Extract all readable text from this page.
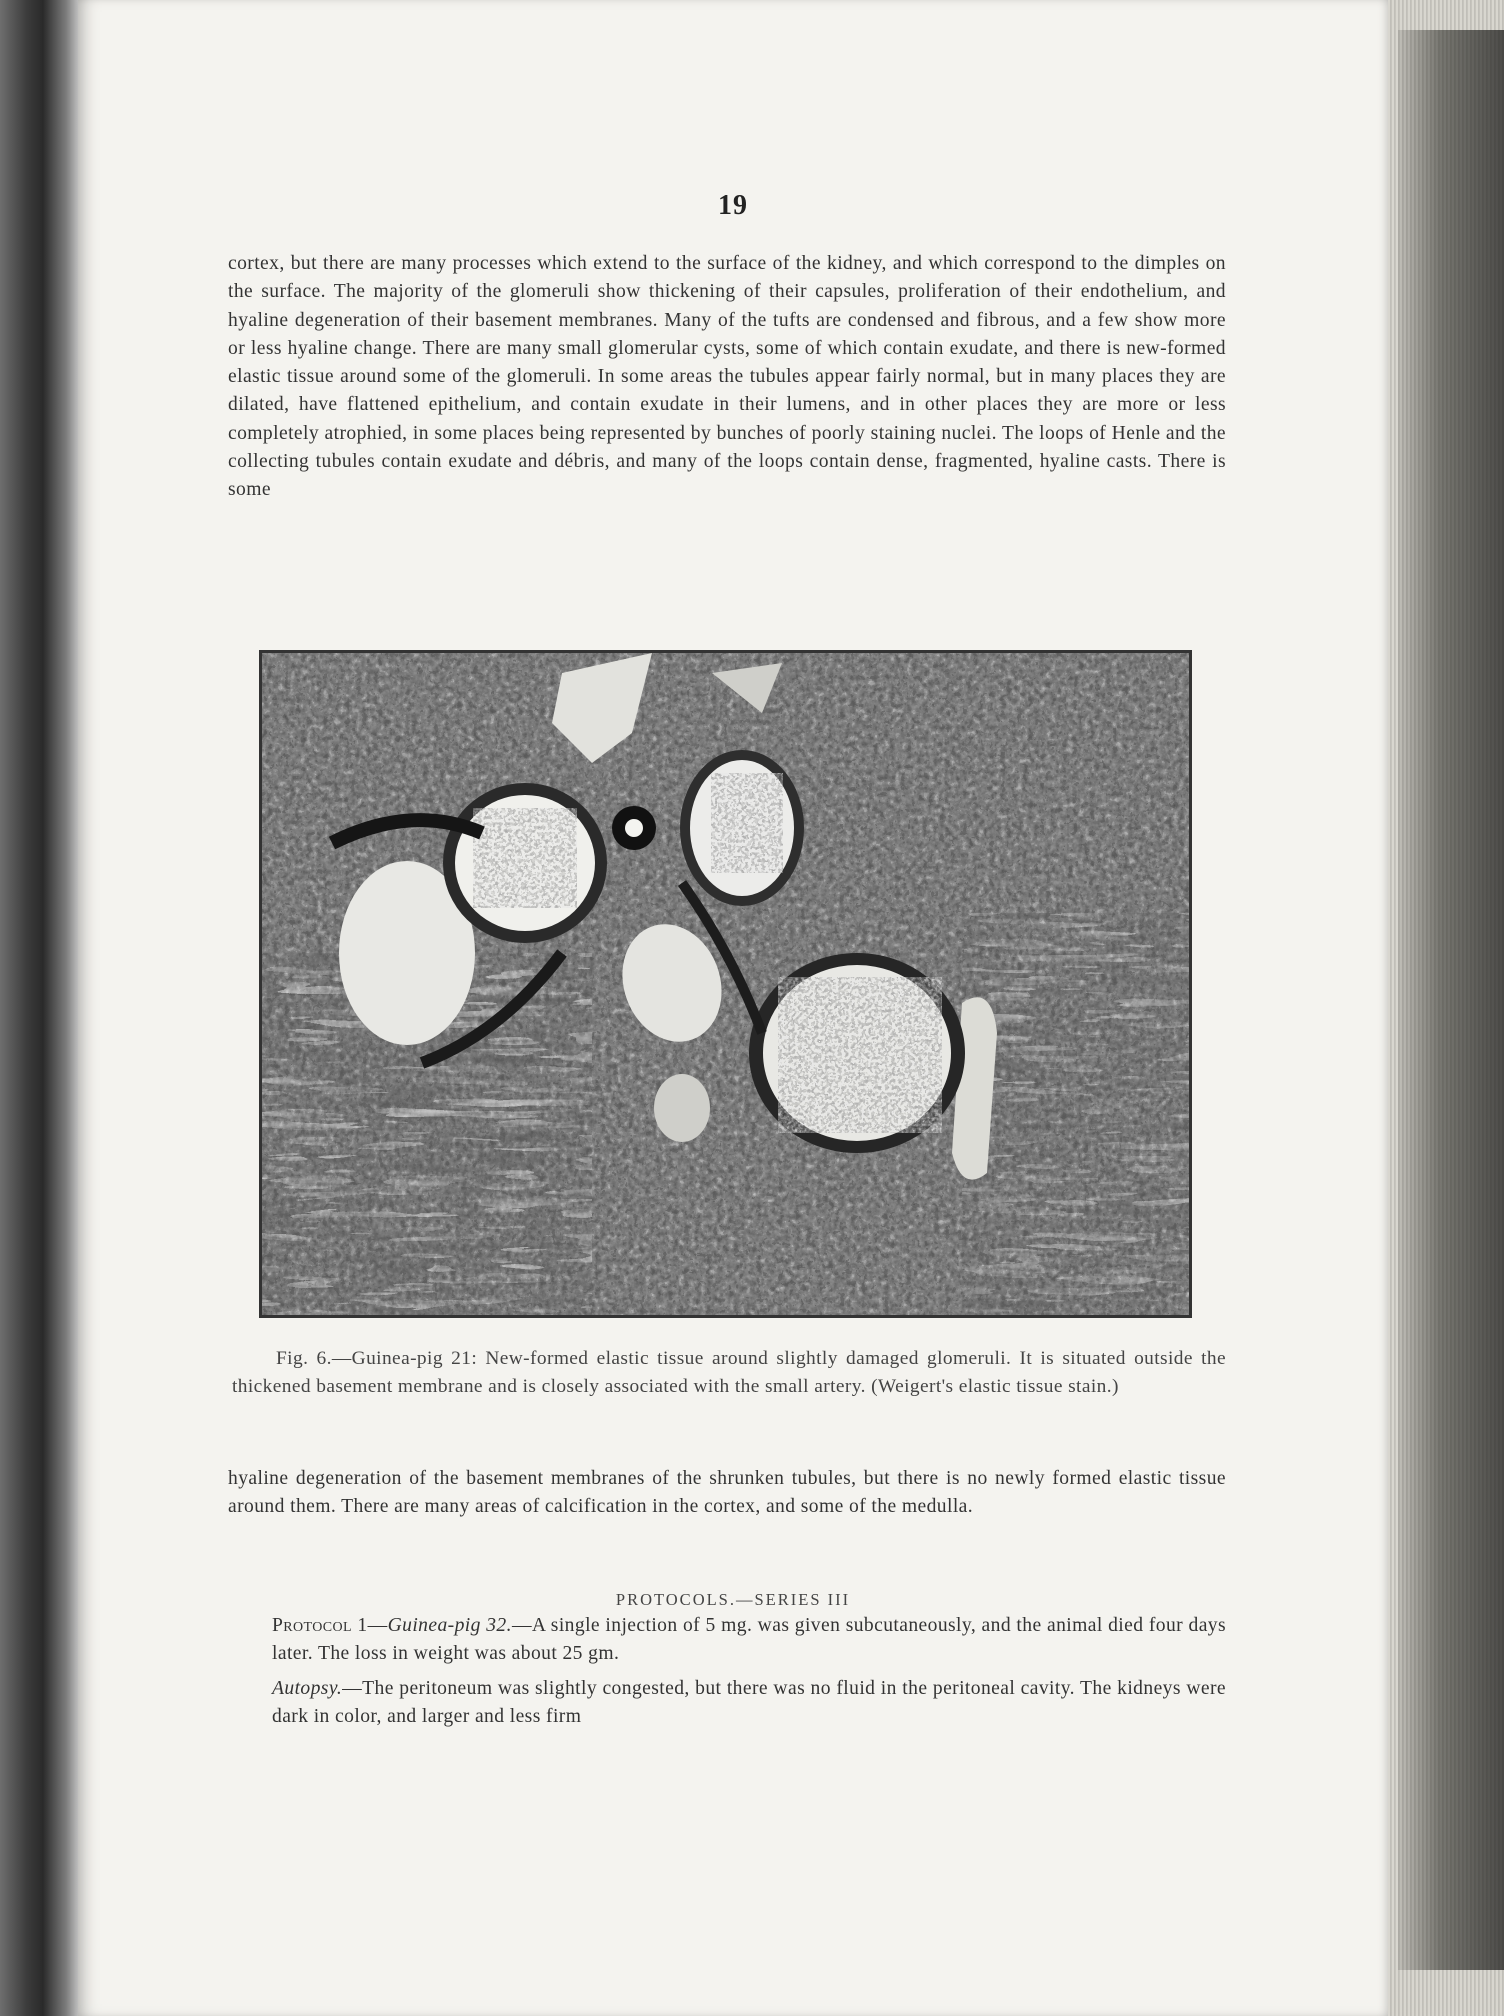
19

cortex, but there are many processes which extend to the surface of the kidney, and which correspond to the dimples on the surface. The majority of the glomeruli show thickening of their capsules, proliferation of their endothelium, and hyaline degeneration of their basement membranes. Many of the tufts are condensed and fibrous, and a few show more or less hyaline change. There are many small glomerular cysts, some of which contain exudate, and there is new-formed elastic tissue around some of the glomeruli. In some areas the tubules appear fairly normal, but in many places they are dilated, have flattened epithelium, and contain exudate in their lumens, and in other places they are more or less completely atrophied, in some places being represented by bunches of poorly staining nuclei. The loops of Henle and the collecting tubules contain exudate and débris, and many of the loops contain dense, fragmented, hyaline casts. There is some

Fig. 6.—Guinea-pig 21: New-formed elastic tissue around slightly damaged glomeruli. It is situated outside the thickened basement membrane and is closely associated with the small artery. (Weigert's elastic tissue stain.)

hyaline degeneration of the basement membranes of the shrunken tubules, but there is no newly formed elastic tissue around them. There are many areas of calcification in the cortex, and some of the medulla.

PROTOCOLS.—SERIES III

Protocol 1—Guinea-pig 32.—A single injection of 5 mg. was given subcutaneously, and the animal died four days later. The loss in weight was about 25 gm.

Autopsy.—The peritoneum was slightly congested, but there was no fluid in the peritoneal cavity. The kidneys were dark in color, and larger and less firm
